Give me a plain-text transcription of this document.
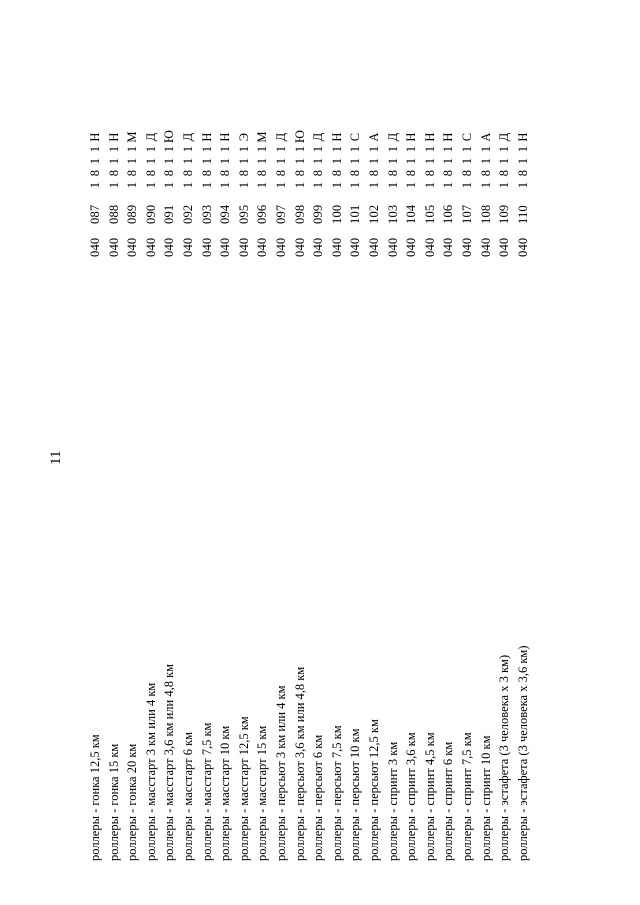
11
роллеры - гонка 12,5 км
0400871811Н
роллеры - гонка 15 км
0400881811Н
роллеры - гонка 20 км
0400891811М
роллеры - масстарт 3 км или 4 км
0400901811Д
роллеры - масстарт 3,6 км или 4,8 км
0400911811Ю
роллеры - масстарт 6 км
0400921811Д
роллеры - масстарт 7,5 км
0400931811Н
роллеры - масстарт 10 км
0400941811Н
роллеры - масстарт 12,5 км
0400951811Э
роллеры - масстарт 15 км
0400961811М
роллеры - персьют 3 км или 4 км
0400971811Д
роллеры - персьют 3,6 км или 4,8 км
0400981811Ю
роллеры - персьют 6 км
0400991811Д
роллеры - персьют 7,5 км
0401001811Н
роллеры - персьют 10 км
0401011811С
роллеры - персьют 12,5 км
0401021811А
роллеры - спринт 3 км
0401031811Д
роллеры - спринт 3,6 км
0401041811Н
роллеры - спринт 4,5 км
0401051811Н
роллеры - спринт 6 км
0401061811Н
роллеры - спринт 7,5 км
0401071811С
роллеры - спринт 10 км
0401081811А
роллеры - эстафета (3 человека х 3 км)
0401091811Д
роллеры - эстафета (3 человека х 3,6 км)
0401101811Н
